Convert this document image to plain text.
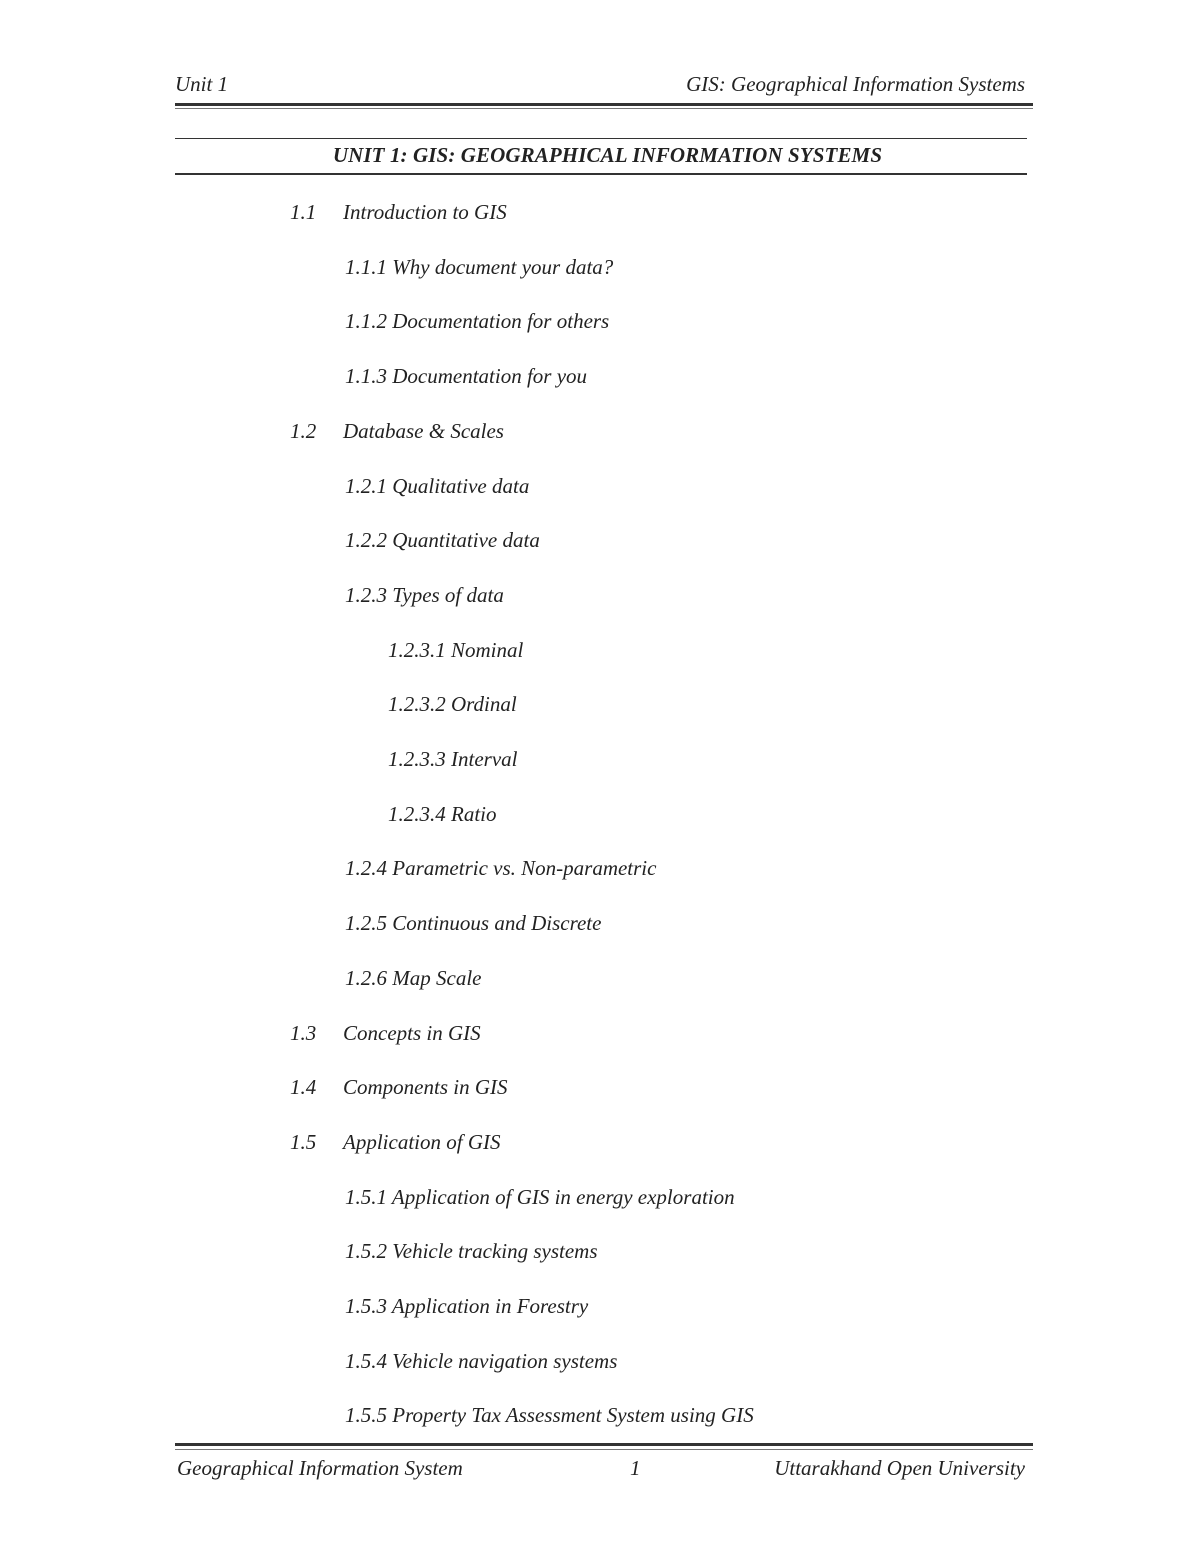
Unit 1	GIS: Geographical Information Systems
UNIT 1: GIS: GEOGRAPHICAL INFORMATION SYSTEMS
1.1 Introduction to GIS
1.1.1 Why document your data?
1.1.2 Documentation for others
1.1.3 Documentation for you
1.2 Database & Scales
1.2.1 Qualitative data
1.2.2 Quantitative data
1.2.3 Types of data
1.2.3.1 Nominal
1.2.3.2 Ordinal
1.2.3.3 Interval
1.2.3.4 Ratio
1.2.4 Parametric vs. Non-parametric
1.2.5 Continuous and Discrete
1.2.6 Map Scale
1.3 Concepts in GIS
1.4 Components in GIS
1.5 Application of GIS
1.5.1 Application of GIS in energy exploration
1.5.2 Vehicle tracking systems
1.5.3 Application in Forestry
1.5.4 Vehicle navigation systems
1.5.5 Property Tax Assessment System using GIS
Geographical Information System	1	Uttarakhand Open University
